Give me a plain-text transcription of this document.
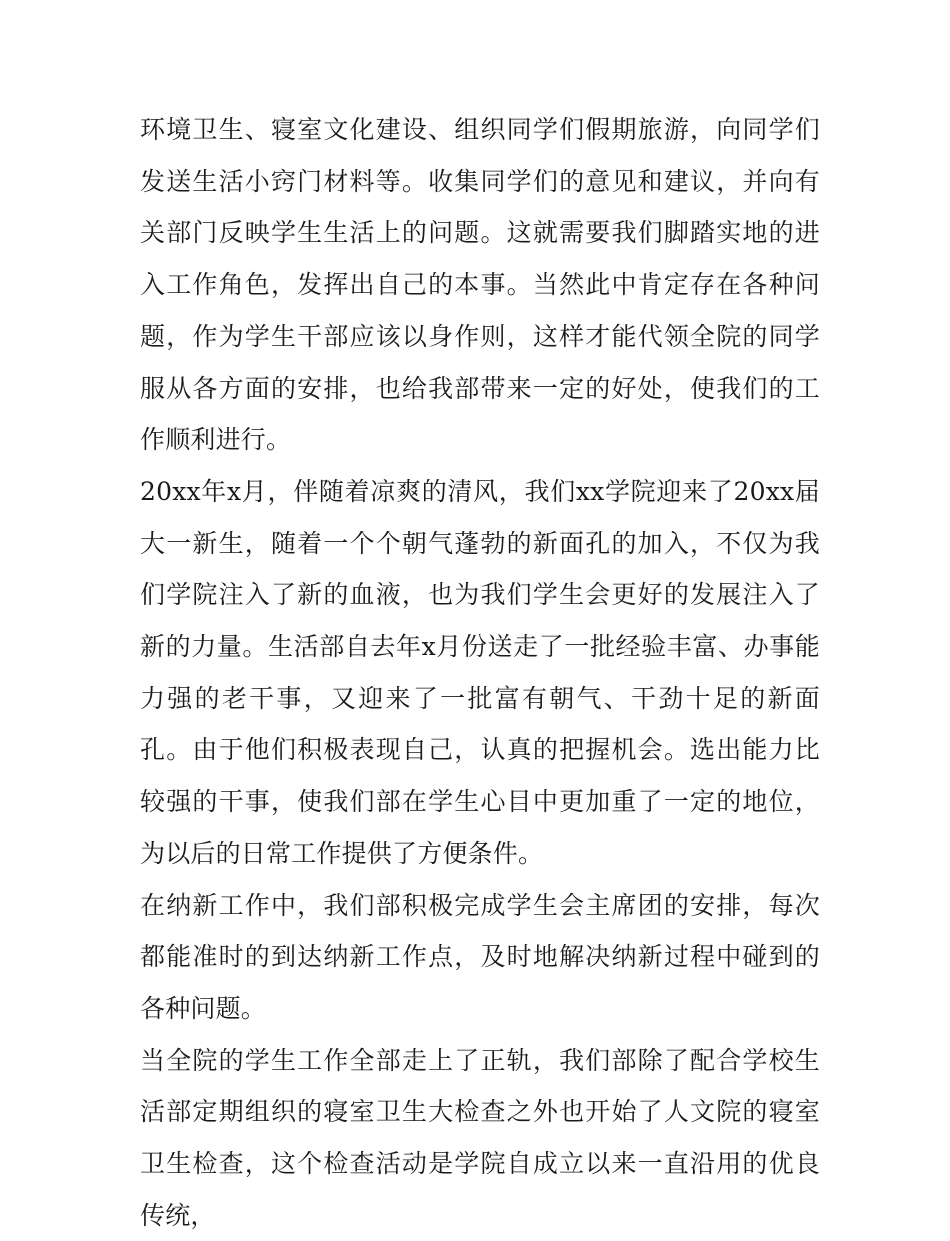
环境卫生、寝室文化建设、组织同学们假期旅游，向同学们发送生活小窍门材料等。收集同学们的意见和建议，并向有关部门反映学生生活上的问题。这就需要我们脚踏实地的进入工作角色，发挥出自己的本事。当然此中肯定存在各种问题，作为学生干部应该以身作则，这样才能代领全院的同学服从各方面的安排，也给我部带来一定的好处，使我们的工作顺利进行。

20xx年x月，伴随着凉爽的清风，我们xx学院迎来了20xx届大一新生，随着一个个朝气蓬勃的新面孔的加入，不仅为我们学院注入了新的血液，也为我们学生会更好的发展注入了新的力量。生活部自去年x月份送走了一批经验丰富、办事能力强的老干事，又迎来了一批富有朝气、干劲十足的新面孔。由于他们积极表现自己，认真的把握机会。选出能力比较强的干事，使我们部在学生心目中更加重了一定的地位，为以后的日常工作提供了方便条件。

在纳新工作中，我们部积极完成学生会主席团的安排，每次都能准时的到达纳新工作点，及时地解决纳新过程中碰到的各种问题。

当全院的学生工作全部走上了正轨，我们部除了配合学校生活部定期组织的寝室卫生大检查之外也开始了人文院的寝室卫生检查，这个检查活动是学院自成立以来一直沿用的优良传统，
